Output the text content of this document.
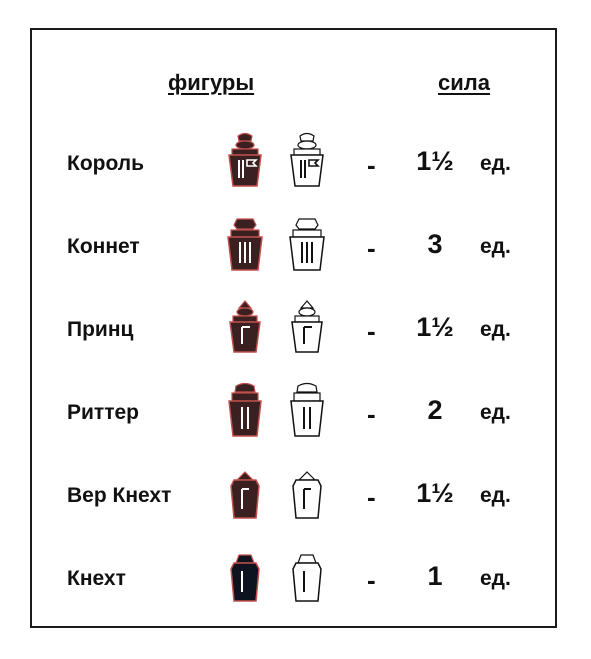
фигуры	сила
Король	-	1½	ед.
Коннет	-	3	ед.
Принц	-	1½	ед.
Риттер	-	2	ед.
Вер Кнехт	-	1½	ед.
Кнехт	-	1	ед.
